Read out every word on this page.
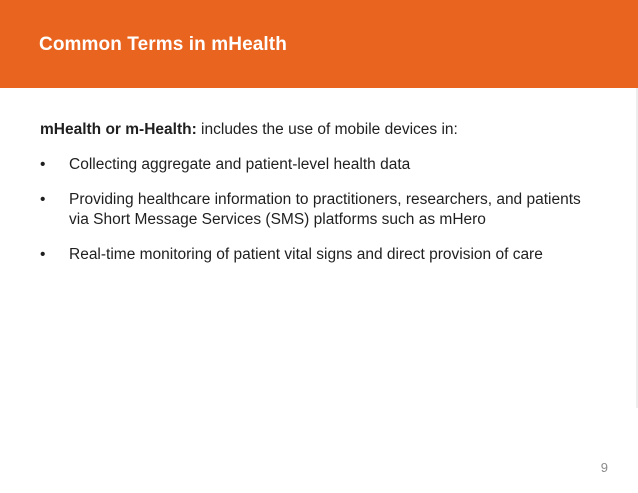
Common Terms in mHealth

mHealth or m-Health: includes the use of mobile devices in:

• Collecting aggregate and patient-level health data
• Providing healthcare information to practitioners, researchers, and patients via Short Message Services (SMS) platforms such as mHero
• Real-time monitoring of patient vital signs and direct provision of care
9
